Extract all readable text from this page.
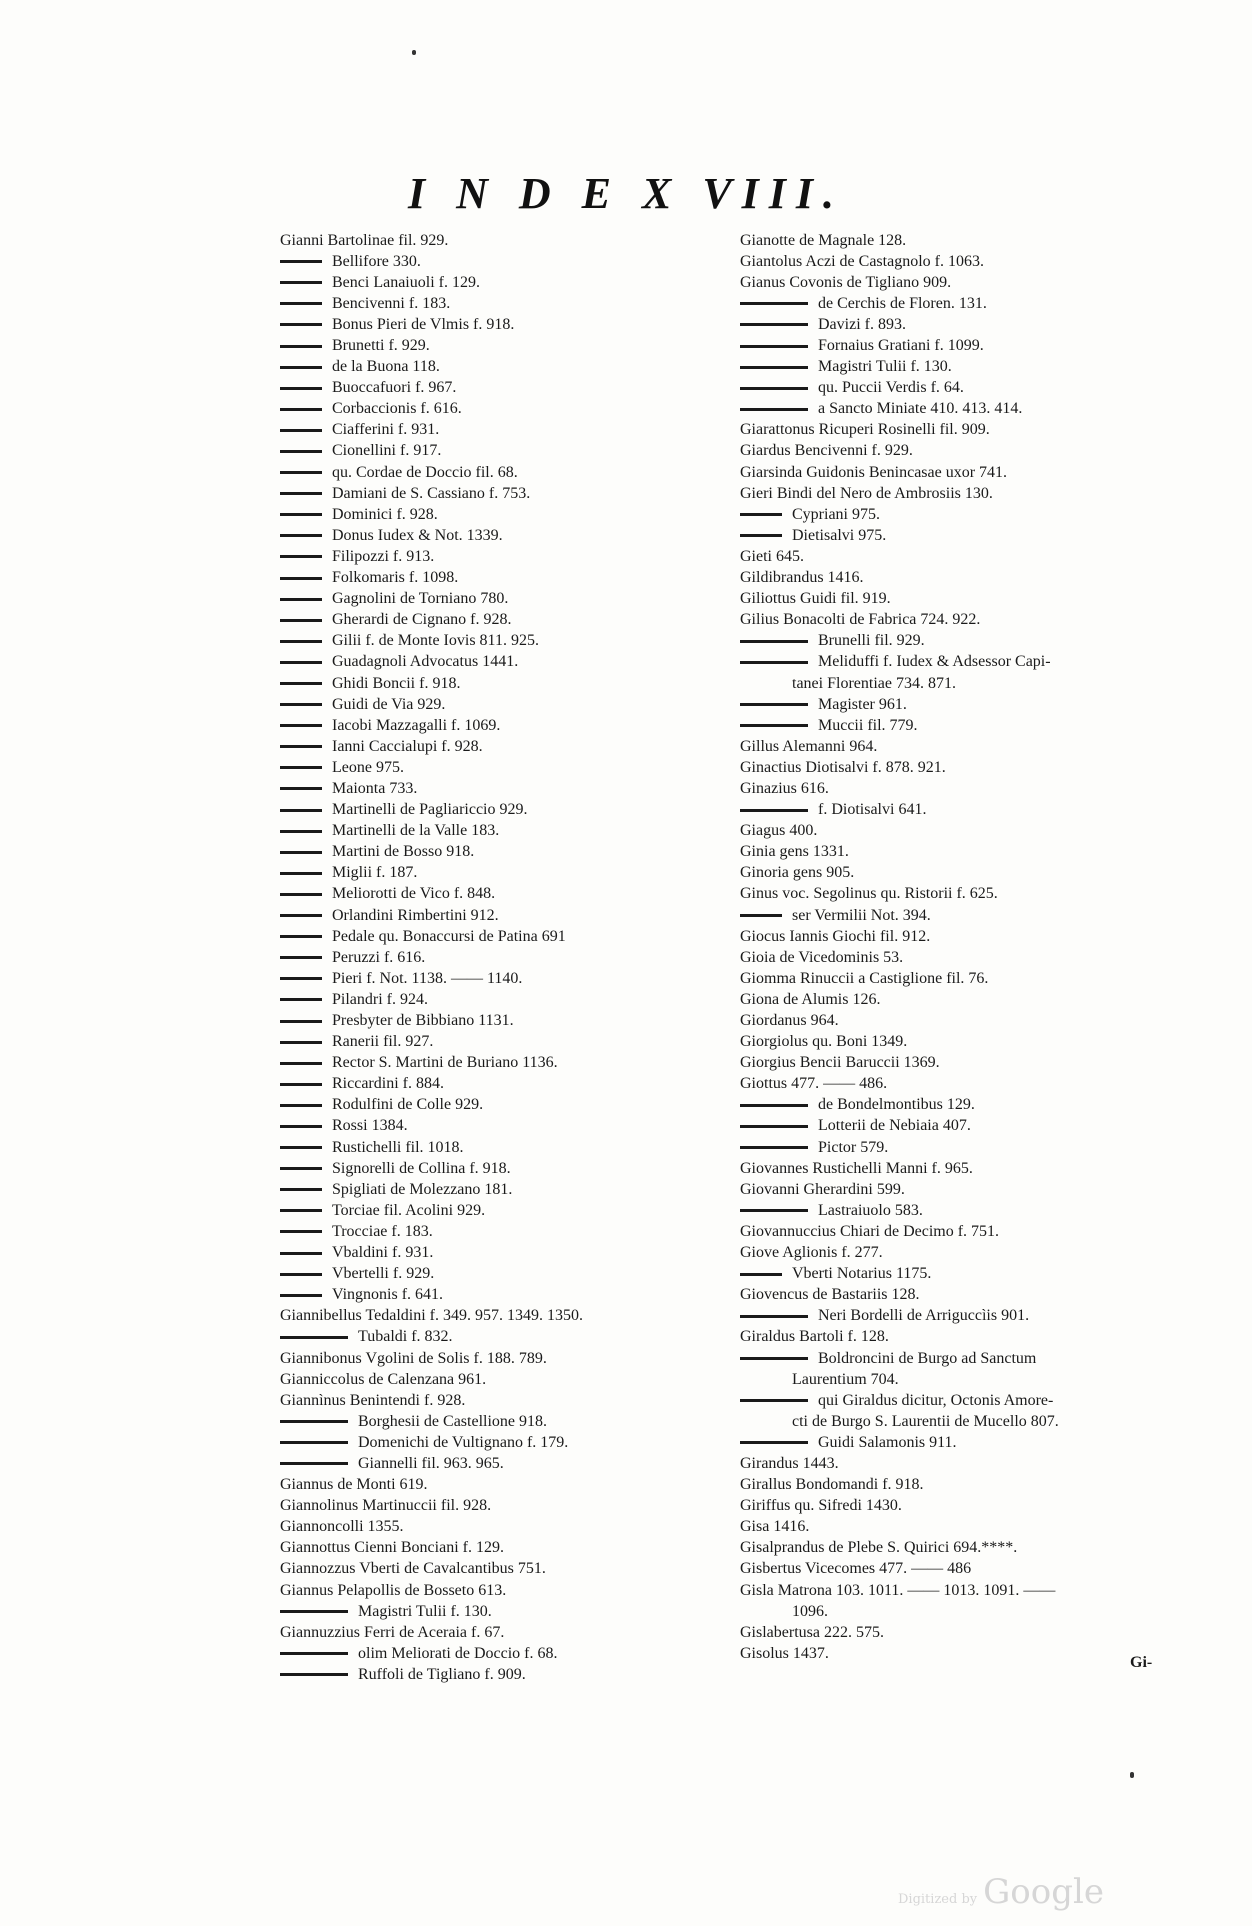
I N D E X VIII.
Gianni Bartolinae fil. 929.
Bellifore 330.
Benci Lanaiuoli f. 129.
Bencivenni f. 183.
Bonus Pieri de Vlmis f. 918.
Brunetti f. 929.
de la Buona 118.
Buoccafuori f. 967.
Corbaccionis f. 616.
Ciafferini f. 931.
Cionellini f. 917.
qu. Cordae de Doccio fil. 68.
Damiani de S. Cassiano f. 753.
Dominici f. 928.
Donus Iudex & Not. 1339.
Filipozzi f. 913.
Folkomaris f. 1098.
Gagnolini de Torniano 780.
Gherardi de Cignano f. 928.
Gilii f. de Monte Iovis 811. 925.
Guadagnoli Advocatus 1441.
Ghidi Boncii f. 918.
Guidi de Via 929.
Iacobi Mazzagalli f. 1069.
Ianni Caccialupi f. 928.
Leone 975.
Maionta 733.
Martinelli de Pagliariccio 929.
Martinelli de la Valle 183.
Martini de Bosso 918.
Miglii f. 187.
Meliorotti de Vico f. 848.
Orlandini Rimbertini 912.
Pedale qu. Bonaccursi de Patina 691
Peruzzi f. 616.
Pieri f. Not. 1138. —— 1140.
Pilandri f. 924.
Presbyter de Bibbiano 1131.
Ranerii fil. 927.
Rector S. Martini de Buriano 1136.
Riccardini f. 884.
Rodulfini de Colle 929.
Rossi 1384.
Rustichelli fil. 1018.
Signorelli de Collina f. 918.
Spigliati de Molezzano 181.
Torciae fil. Acolini 929.
Trocciae f. 183.
Vbaldini f. 931.
Vbertelli f. 929.
Vingnonis f. 641.
Giannibellus Tedaldini f. 349. 957. 1349. 1350.
Tubaldi f. 832.
Giannibonus Vgolini de Solis f. 188. 789.
Gianniccolus de Calenzana 961.
Giannìnus Benintendi f. 928.
Borghesii de Castellione 918.
Domenichi de Vultignano f. 179.
Giannelli fil. 963. 965.
Giannus de Monti 619.
Giannolinus Martinuccii fil. 928.
Giannoncolli 1355.
Giannottus Cienni Bonciani f. 129.
Giannozzus Vberti de Cavalcantibus 751.
Giannus Pelapollis de Bosseto 613.
Magistri Tulii f. 130.
Giannuzzius Ferri de Aceraia f. 67.
olim Meliorati de Doccio f. 68.
Ruffoli de Tigliano f. 909.
Gianotte de Magnale 128.
Giantolus Aczi de Castagnolo f. 1063.
Gianus Covonis de Tigliano 909.
de Cerchis de Floren. 131.
Davizi f. 893.
Fornaius Gratiani f. 1099.
Magistri Tulii f. 130.
qu. Puccii Verdis f. 64.
a Sancto Miniate 410. 413. 414.
Giarattonus Ricuperi Rosinelli fil. 909.
Giardus Bencivenni f. 929.
Giarsinda Guidonis Benincasae uxor 741.
Gieri Bindi del Nero de Ambrosiis 130.
Cypriani 975.
Dietisalvi 975.
Gieti 645.
Gildibrandus 1416.
Giliottus Guidi fil. 919.
Gilius Bonacolti de Fabrica 724. 922.
Brunelli fil. 929.
Meliduffi f. Iudex & Adsessor Capi-
tanei Florentiae 734. 871.
Magister 961.
Muccii fil. 779.
Gillus Alemanni 964.
Ginactius Diotisalvi f. 878. 921.
Ginazius 616.
f. Diotisalvi 641.
Giagus 400.
Ginia gens 1331.
Ginoria gens 905.
Ginus voc. Segolinus qu. Ristorii f. 625.
ser Vermilii Not. 394.
Giocus Iannis Giochi fil. 912.
Gioia de Vicedominis 53.
Giomma Rinuccii a Castiglione fil. 76.
Giona de Alumis 126.
Giordanus 964.
Giorgiolus qu. Boni 1349.
Giorgius Bencii Baruccii 1369.
Giottus 477. —— 486.
de Bondelmontibus 129.
Lotterii de Nebiaia 407.
Pictor 579.
Giovannes Rustichelli Manni f. 965.
Giovanni Gherardini 599.
Lastraiuolo 583.
Giovannuccius Chiari de Decimo f. 751.
Giove Aglionis f. 277.
Vberti Notarius 1175.
Giovencus de Bastariis 128.
Neri Bordelli de Arriguccìis 901.
Giraldus Bartoli f. 128.
Boldroncini de Burgo ad Sanctum
Laurentium 704.
qui Giraldus dicitur, Octonis Amore-
cti de Burgo S. Laurentii de Mucello 807.
Guidi Salamonis 911.
Girandus 1443.
Girallus Bondomandi f. 918.
Giriffus qu. Sifredi 1430.
Gisa 1416.
Gisalprandus de Plebe S. Quirici 694.****.
Gisbertus Vicecomes 477. —— 486
Gisla Matrona 103. 1011. —— 1013. 1091. ——
1096.
Gislabertusa 222. 575.
Gisolus 1437.
Gi-
Digitized by Google
